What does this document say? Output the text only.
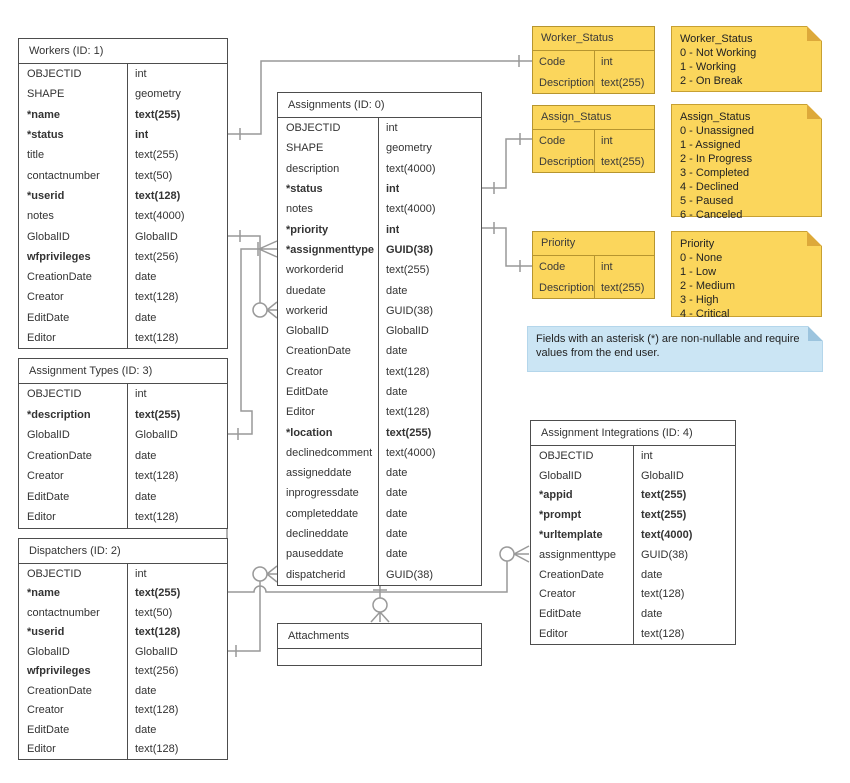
Workers (ID: 1)
OBJECTID	int
SHAPE	geometry
*name	text(255)
*status	int
title	text(255)
contactnumber	text(50)
*userid	text(128)
notes	text(4000)
GlobalID	GlobalID
wfprivileges	text(256)
CreationDate	date
Creator	text(128)
EditDate	date
Editor	text(128)
Assignment Types (ID: 3)
OBJECTID	int
*description	text(255)
GlobalID	GlobalID
CreationDate	date
Creator	text(128)
EditDate	date
Editor	text(128)
Dispatchers (ID: 2)
OBJECTID	int
*name	text(255)
contactnumber	text(50)
*userid	text(128)
GlobalID	GlobalID
wfprivileges	text(256)
CreationDate	date
Creator	text(128)
EditDate	date
Editor	text(128)
Assignments (ID: 0)
OBJECTID	int
SHAPE	geometry
description	text(4000)
*status	int
notes	text(4000)
*priority	int
*assignmenttype	GUID(38)
workorderid	text(255)
duedate	date
workerid	GUID(38)
GlobalID	GlobalID
CreationDate	date
Creator	text(128)
EditDate	date
Editor	text(128)
*location	text(255)
declinedcomment	text(4000)
assigneddate	date
inprogressdate	date
completeddate	date
declineddate	date
pauseddate	date
dispatcherid	GUID(38)
Assignment Integrations (ID: 4)
OBJECTID	int
GlobalID	GlobalID
*appid	text(255)
*prompt	text(255)
*urltemplate	text(4000)
assignmenttype	GUID(38)
CreationDate	date
Creator	text(128)
EditDate	date
Editor	text(128)
Attachments
Worker_Status
Code	int
Description text(255)
Assign_Status
Code	int
Description text(255)
Priority
Code	int
Description text(255)
Worker_Status
0 - Not Working
1 - Working
2 - On Break
Assign_Status
0 - Unassigned
1 - Assigned
2 - In Progress
3 - Completed
4 - Declined
5 - Paused
6 - Canceled
Priority
0 - None
1 - Low
2 - Medium
3 - High
4 - Critical
Fields with an asterisk (*) are non-nullable and require values from the end user.
